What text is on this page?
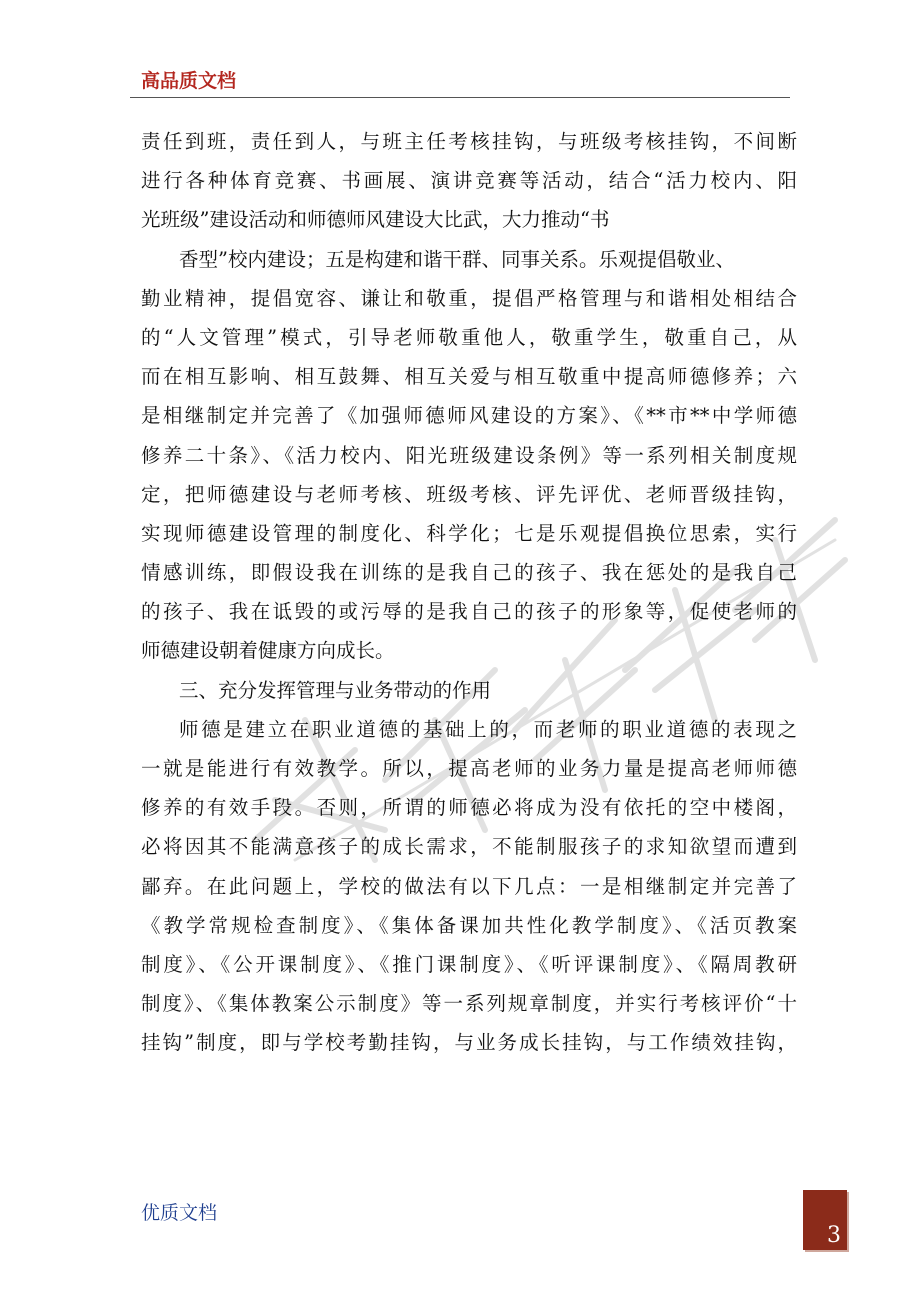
高品质文档
责任到班，责任到人，与班主任考核挂钩，与班级考核挂钩，不间断
进行各种体育竞赛、书画展、演讲竞赛等活动，结合“活力校内、阳
光班级”建设活动和师德师风建设大比武，大力推动“书
香型”校内建设；五是构建和谐干群、同事关系。乐观提倡敬业、
勤业精神，提倡宽容、谦让和敬重，提倡严格管理与和谐相处相结合
的“人文管理”模式，引导老师敬重他人，敬重学生，敬重自己，从
而在相互影响、相互鼓舞、相互关爱与相互敬重中提高师德修养；六
是相继制定并完善了《加强师德师风建设的方案》、《**市**中学师德
修养二十条》、《活力校内、阳光班级建设条例》等一系列相关制度规
定，把师德建设与老师考核、班级考核、评先评优、老师晋级挂钩，
实现师德建设管理的制度化、科学化；七是乐观提倡换位思索，实行
情感训练，即假设我在训练的是我自己的孩子、我在惩处的是我自己
的孩子、我在诋毁的或污辱的是我自己的孩子的形象等，促使老师的
师德建设朝着健康方向成长。
三、充分发挥管理与业务带动的作用
师德是建立在职业道德的基础上的，而老师的职业道德的表现之
一就是能进行有效教学。所以，提高老师的业务力量是提高老师师德
修养的有效手段。否则，所谓的师德必将成为没有依托的空中楼阁，
必将因其不能满意孩子的成长需求，不能制服孩子的求知欲望而遭到
鄙弃。在此问题上，学校的做法有以下几点：一是相继制定并完善了
《教学常规检查制度》、《集体备课加共性化教学制度》、《活页教案
制度》、《公开课制度》、《推门课制度》、《听评课制度》、《隔周教研
制度》、《集体教案公示制度》等一系列规章制度，并实行考核评价“十
挂钩”制度，即与学校考勤挂钩，与业务成长挂钩，与工作绩效挂钩，
优质文档
3
